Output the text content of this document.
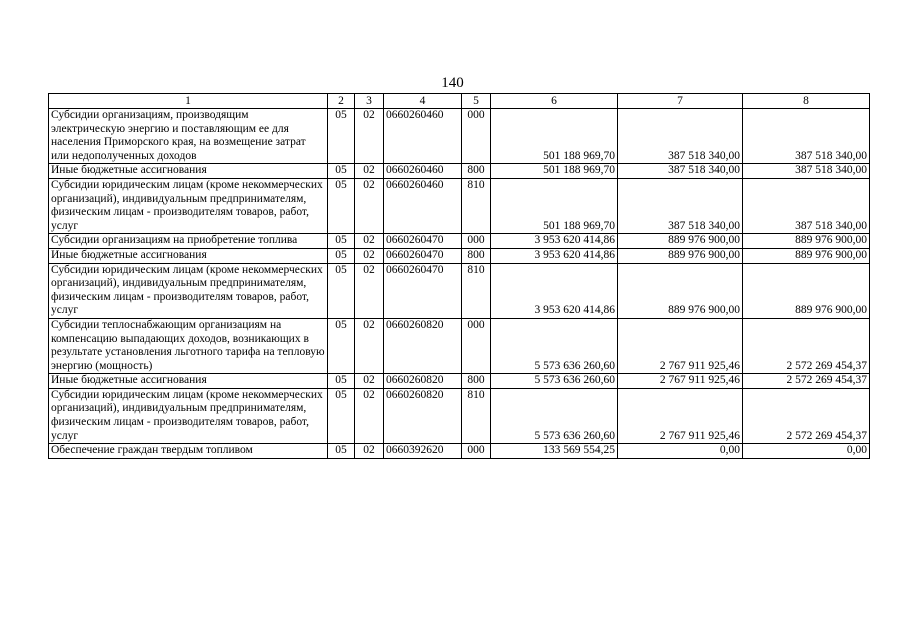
140
1	2	3	4	5	6	7	8
Субсидии организациям, производящим электрическую энергию и поставляющим ее для населения Приморского края, на возмещение затрат или недополученных доходов	05	02	0660260460	000	501 188 969,70	387 518 340,00	387 518 340,00
Иные бюджетные ассигнования	05	02	0660260460	800	501 188 969,70	387 518 340,00	387 518 340,00
Субсидии юридическим лицам (кроме некоммерческих организаций), индивидуальным предпринимателям, физическим лицам - производителям товаров, работ, услуг	05	02	0660260460	810	501 188 969,70	387 518 340,00	387 518 340,00
Субсидии организациям на приобретение топлива	05	02	0660260470	000	3 953 620 414,86	889 976 900,00	889 976 900,00
Иные бюджетные ассигнования	05	02	0660260470	800	3 953 620 414,86	889 976 900,00	889 976 900,00
Субсидии юридическим лицам (кроме некоммерческих организаций), индивидуальным предпринимателям, физическим лицам - производителям товаров, работ, услуг	05	02	0660260470	810	3 953 620 414,86	889 976 900,00	889 976 900,00
Субсидии теплоснабжающим организациям на компенсацию выпадающих доходов, возникающих в результате установления льготного тарифа на тепловую энергию (мощность)	05	02	0660260820	000	5 573 636 260,60	2 767 911 925,46	2 572 269 454,37
Иные бюджетные ассигнования	05	02	0660260820	800	5 573 636 260,60	2 767 911 925,46	2 572 269 454,37
Субсидии юридическим лицам (кроме некоммерческих организаций), индивидуальным предпринимателям, физическим лицам - производителям товаров, работ, услуг	05	02	0660260820	810	5 573 636 260,60	2 767 911 925,46	2 572 269 454,37
Обеспечение граждан твердым топливом	05	02	0660392620	000	133 569 554,25	0,00	0,00
